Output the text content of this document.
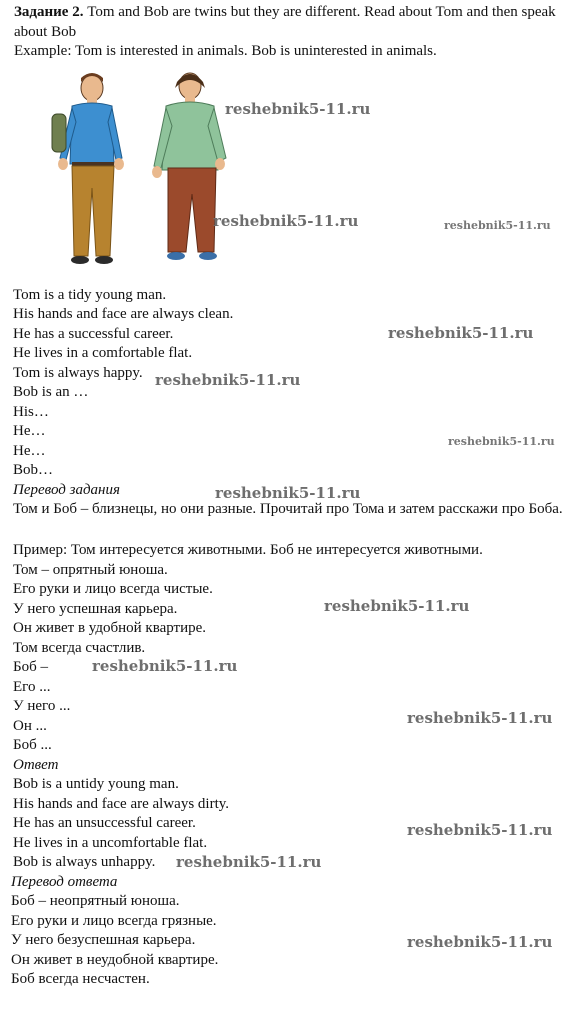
Задание 2. Tom and Bob are twins but they are different. Read about Tom and then speak about Bob
Example: Tom is interested in animals. Bob is uninterested in animals.
Tom is a tidy young man.
His hands and face are always clean.
He has a successful career.
He lives in a comfortable flat.
Tom is always happy.
Bob is an …
His…
He…
He…
Bob…
Перевод задания
Том и Боб – близнецы, но они разные. Прочитай про Тома и затем расскажи про Боба.
Пример: Том интересуется животными. Боб не интересуется животными.
Том – опрятный юноша.
Его руки и лицо всегда чистые.
У него успешная карьера.
Он живет в удобной квартире.
Том всегда счастлив.
Боб –
Его ...
У него ...
Он ...
Боб ...
Ответ
Bob is a untidy young man.
His hands and face are always dirty.
He has an unsuccessful career.
He lives in a uncomfortable flat.
Bob is always unhappy.
Перевод ответа
Боб – неопрятный юноша.
Его руки и лицо всегда грязные.
У него безуспешная карьера.
Он живет в неудобной квартире.
Боб всегда несчастен.
reshebnik5-11.ru
reshebnik5-11.ru	reshebnik5-11.ru
reshebnik5-11.ru
reshebnik5-11.ru
reshebnik5-11.ru
reshebnik5-11.ru
reshebnik5-11.ru
reshebnik5-11.ru
reshebnik5-11.ru
reshebnik5-11.ru
reshebnik5-11.ru
reshebnik5-11.ru
